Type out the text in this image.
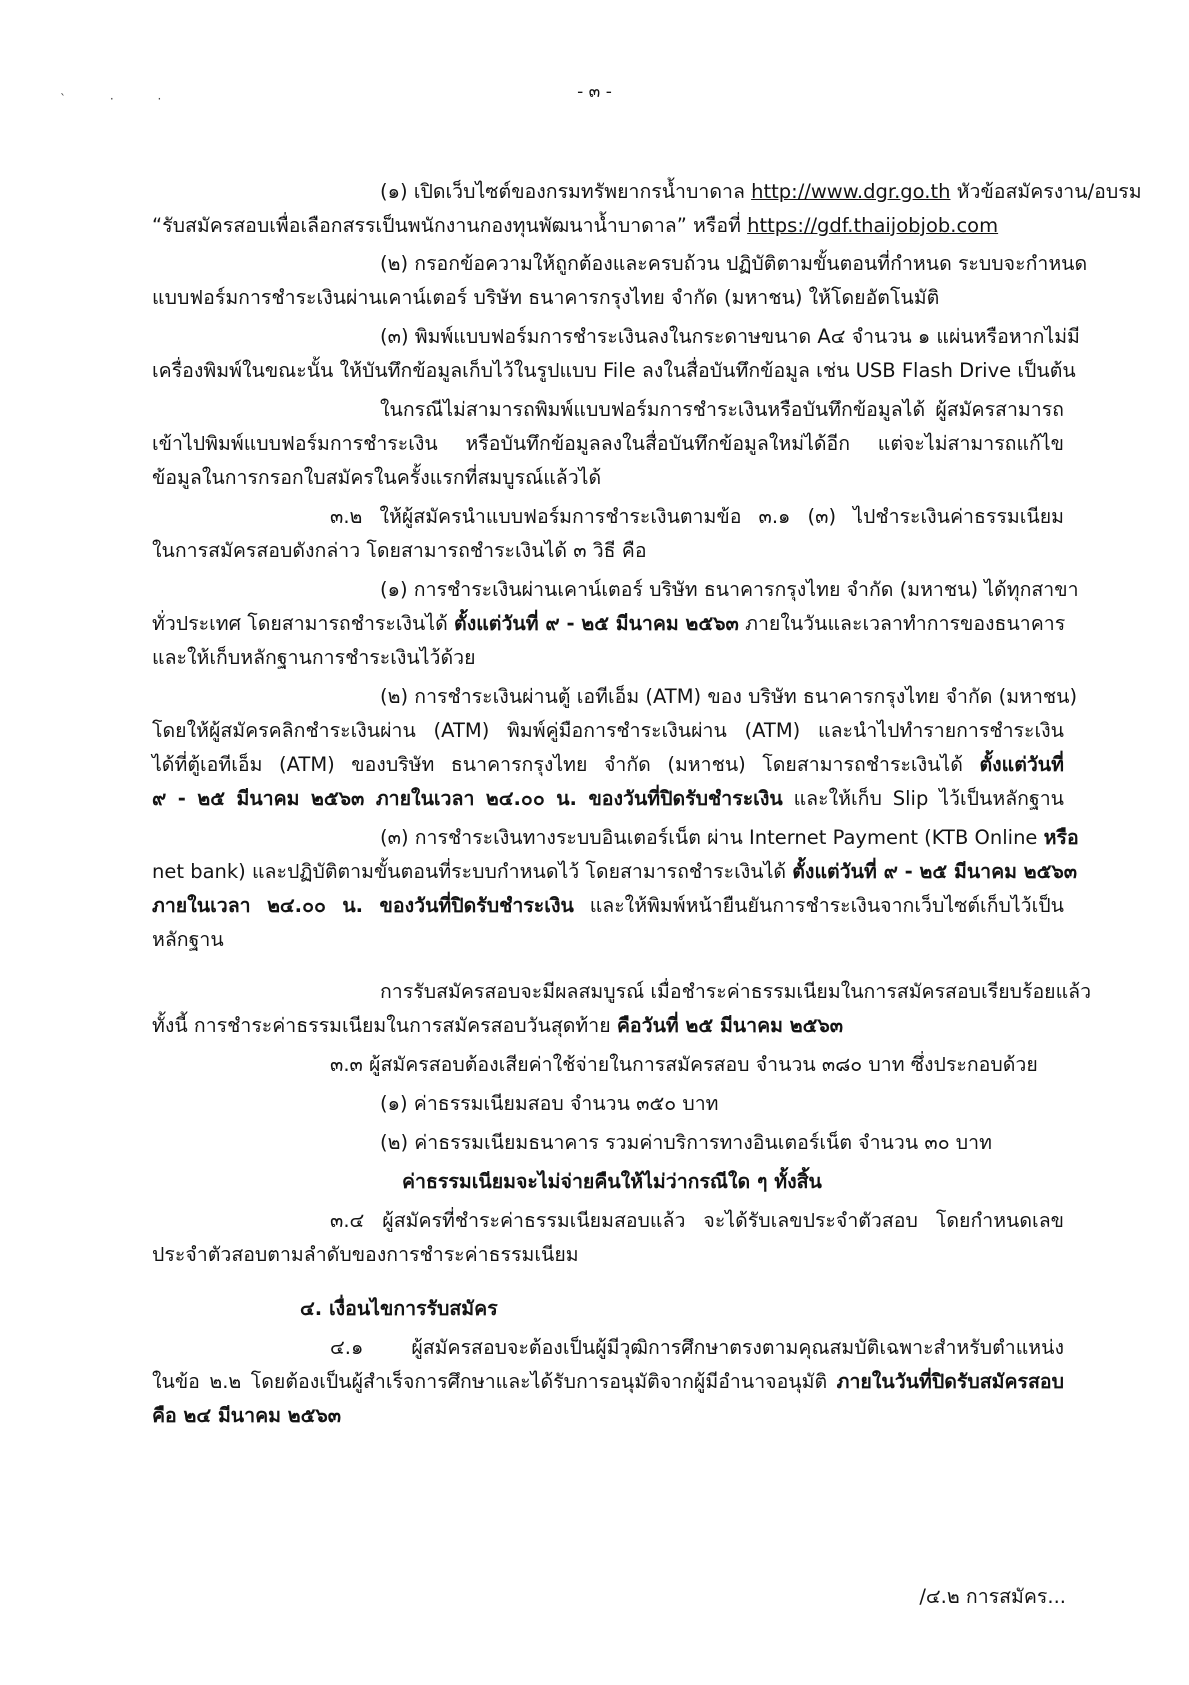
` · ·	- ๓ -
(๑) เปิดเว็บไซต์ของกรมทรัพยากรน้ำบาดาล http://www.dgr.go.th หัวข้อสมัครงาน/อบรม
“รับสมัครสอบเพื่อเลือกสรรเป็นพนักงานกองทุนพัฒนาน้ำบาดาล” หรือที่ https://gdf.thaijobjob.com
(๒) กรอกข้อความให้ถูกต้องและครบถ้วน ปฏิบัติตามขั้นตอนที่กำหนด ระบบจะกำหนด
แบบฟอร์มการชำระเงินผ่านเคาน์เตอร์ บริษัท ธนาคารกรุงไทย จำกัด (มหาชน) ให้โดยอัตโนมัติ
(๓) พิมพ์แบบฟอร์มการชำระเงินลงในกระดาษขนาด A๔ จำนวน ๑ แผ่นหรือหากไม่มี
เครื่องพิมพ์ในขณะนั้น ให้บันทึกข้อมูลเก็บไว้ในรูปแบบ File ลงในสื่อบันทึกข้อมูล เช่น USB Flash Drive เป็นต้น
ในกรณีไม่สามารถพิมพ์แบบฟอร์มการชำระเงินหรือบันทึกข้อมูลได้ ผู้สมัครสามารถ
เข้าไปพิมพ์แบบฟอร์มการชำระเงิน หรือบันทึกข้อมูลลงในสื่อบันทึกข้อมูลใหม่ได้อีก แต่จะไม่สามารถแก้ไข
ข้อมูลในการกรอกใบสมัครในครั้งแรกที่สมบูรณ์แล้วได้
๓.๒ ให้ผู้สมัครนำแบบฟอร์มการชำระเงินตามข้อ ๓.๑ (๓) ไปชำระเงินค่าธรรมเนียม
ในการสมัครสอบดังกล่าว โดยสามารถชำระเงินได้ ๓ วิธี คือ
(๑) การชำระเงินผ่านเคาน์เตอร์ บริษัท ธนาคารกรุงไทย จำกัด (มหาชน) ได้ทุกสาขา
ทั่วประเทศ โดยสามารถชำระเงินได้ ตั้งแต่วันที่ ๙ - ๒๕ มีนาคม ๒๕๖๓ ภายในวันและเวลาทำการของธนาคาร
และให้เก็บหลักฐานการชำระเงินไว้ด้วย
(๒) การชำระเงินผ่านตู้ เอทีเอ็ม (ATM) ของ บริษัท ธนาคารกรุงไทย จำกัด (มหาชน)
โดยให้ผู้สมัครคลิกชำระเงินผ่าน (ATM) พิมพ์คู่มือการชำระเงินผ่าน (ATM) และนำไปทำรายการชำระเงิน
ได้ที่ตู้เอทีเอ็ม (ATM) ของบริษัท ธนาคารกรุงไทย จำกัด (มหาชน) โดยสามารถชำระเงินได้ ตั้งแต่วันที่
๙ - ๒๕ มีนาคม ๒๕๖๓ ภายในเวลา ๒๔.๐๐ น. ของวันที่ปิดรับชำระเงิน และให้เก็บ Slip ไว้เป็นหลักฐาน
(๓) การชำระเงินทางระบบอินเตอร์เน็ต ผ่าน Internet Payment (KTB Online หรือ
net bank) และปฏิบัติตามขั้นตอนที่ระบบกำหนดไว้ โดยสามารถชำระเงินได้ ตั้งแต่วันที่ ๙ - ๒๕ มีนาคม ๒๕๖๓
ภายในเวลา ๒๔.๐๐ น. ของวันที่ปิดรับชำระเงิน และให้พิมพ์หน้ายืนยันการชำระเงินจากเว็บไซต์เก็บไว้เป็น
หลักฐาน
การรับสมัครสอบจะมีผลสมบูรณ์ เมื่อชำระค่าธรรมเนียมในการสมัครสอบเรียบร้อยแล้ว
ทั้งนี้ การชำระค่าธรรมเนียมในการสมัครสอบวันสุดท้าย คือวันที่ ๒๕ มีนาคม ๒๕๖๓
๓.๓ ผู้สมัครสอบต้องเสียค่าใช้จ่ายในการสมัครสอบ จำนวน ๓๘๐ บาท ซึ่งประกอบด้วย
(๑) ค่าธรรมเนียมสอบ จำนวน ๓๕๐ บาท
(๒) ค่าธรรมเนียมธนาคาร รวมค่าบริการทางอินเตอร์เน็ต จำนวน ๓๐ บาท
ค่าธรรมเนียมจะไม่จ่ายคืนให้ไม่ว่ากรณีใด ๆ ทั้งสิ้น
๓.๔ ผู้สมัครที่ชำระค่าธรรมเนียมสอบแล้ว จะได้รับเลขประจำตัวสอบ โดยกำหนดเลข
ประจำตัวสอบตามลำดับของการชำระค่าธรรมเนียม
๔. เงื่อนไขการรับสมัคร
๔.๑ ผู้สมัครสอบจะต้องเป็นผู้มีวุฒิการศึกษาตรงตามคุณสมบัติเฉพาะสำหรับตำแหน่ง
ในข้อ ๒.๒ โดยต้องเป็นผู้สำเร็จการศึกษาและได้รับการอนุมัติจากผู้มีอำนาจอนุมัติ ภายในวันที่ปิดรับสมัครสอบ
คือ ๒๔ มีนาคม ๒๕๖๓
/๔.๒ การสมัคร...
